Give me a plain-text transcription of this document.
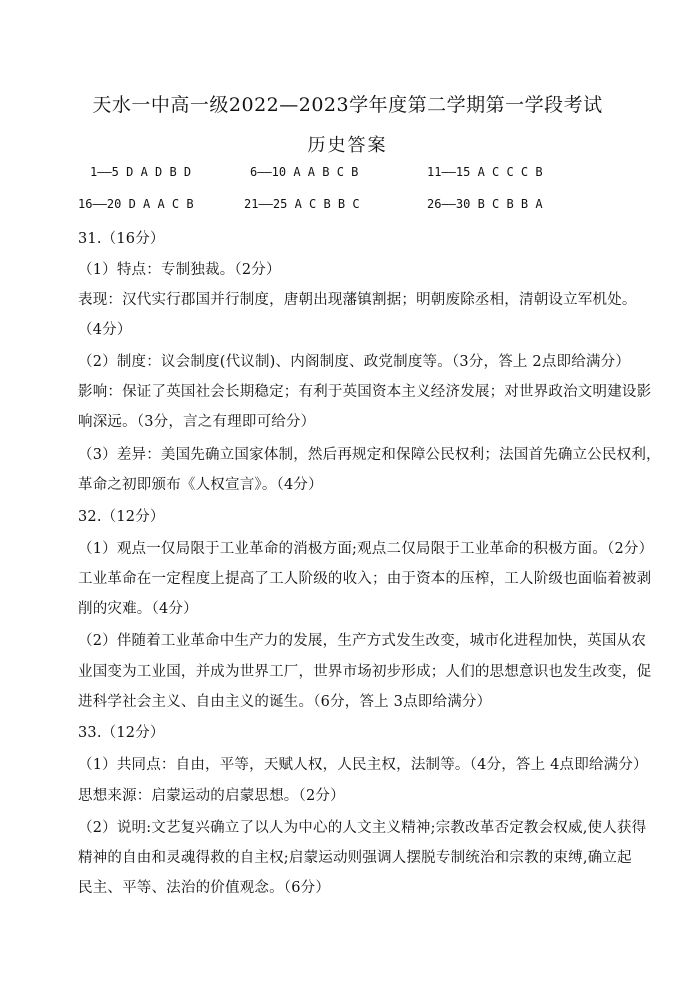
天水一中高一级2022—2023学年度第二学期第一学段考试
历史答案
1——5 D A D B D	6——10 A A B C B	11——15 A C C C B
16——20 D A A C B	21——25 A C B B C	26——30 B C B B A
31.（16分）
（1）特点：专制独裁。（2分）
表现：汉代实行郡国并行制度，唐朝出现藩镇割据；明朝废除丞相，清朝设立军机处。
（4分）
（2）制度：议会制度(代议制)、内阁制度、政党制度等。（3分，答上 2点即给满分）
影响：保证了英国社会长期稳定；有利于英国资本主义经济发展；对世界政治文明建设影
响深远。（3分，言之有理即可给分）
（3）差异：美国先确立国家体制，然后再规定和保障公民权利；法国首先确立公民权利，
革命之初即颁布《人权宣言》。（4分）
32.（12分）
（1）观点一仅局限于工业革命的消极方面;观点二仅局限于工业革命的积极方面。（2分）
工业革命在一定程度上提高了工人阶级的收入；由于资本的压榨，工人阶级也面临着被剥
削的灾难。（4分）
（2）伴随着工业革命中生产力的发展，生产方式发生改变，城市化进程加快，英国从农
业国变为工业国，并成为世界工厂，世界市场初步形成；人们的思想意识也发生改变，促
进科学社会主义、自由主义的诞生。（6分，答上 3点即给满分）
33.（12分）
（1）共同点：自由，平等，天赋人权，人民主权，法制等。（4分，答上 4点即给满分）
思想来源：启蒙运动的启蒙思想。（2分）
（2）说明:文艺复兴确立了以人为中心的人文主义精神;宗教改革否定教会权威,使人获得
精神的自由和灵魂得救的自主权;启蒙运动则强调人摆脱专制统治和宗教的束缚,确立起
民主、平等、法治的价值观念。（6分）
